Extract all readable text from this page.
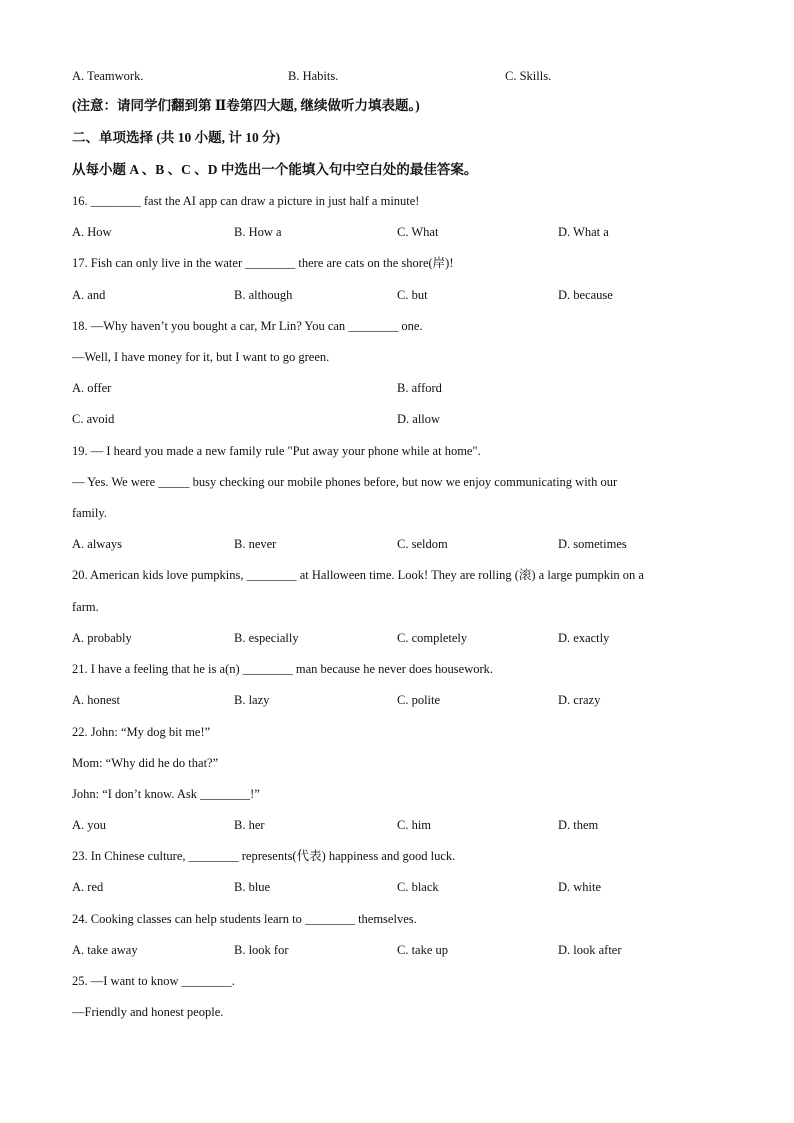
A. Teamwork.	B. Habits.	C. Skills.
(注意：请同学们翻到第 Ⅱ卷第四大题, 继续做听力填表题。)
二、单项选择 (共 10 小题, 计 10 分)
从每小题 A 、B 、C 、D 中选出一个能填入句中空白处的最佳答案。
16. ________ fast the AI app can draw a picture in just half a minute!
A. How	B. How a	C. What	D. What a
17. Fish can only live in the water ________ there are cats on the shore(岸)!
A. and	B. although	C. but	D. because
18. —Why haven’t you bought a car, Mr Lin? You can ________ one.
—Well, I have money for it, but I want to go green.
A. offer	B. afford
C. avoid	D. allow
19. — I heard you made a new family rule "Put away your phone while at home".
— Yes. We were _____ busy checking our mobile phones before, but now we enjoy communicating with our
family.
A. always	B. never	C. seldom	D. sometimes
20. American kids love pumpkins, ________ at Halloween time. Look! They are rolling (滚) a large pumpkin on a
farm.
A. probably	B. especially	C. completely	D. exactly
21. I have a feeling that he is a(n) ________ man because he never does housework.
A. honest	B. lazy	C. polite	D. crazy
22. John: “My dog bit me!”
Mom: “Why did he do that?”
John: “I don’t know. Ask ________!”
A. you	B. her	C. him	D. them
23. In Chinese culture, ________ represents(代表) happiness and good luck.
A. red	B. blue	C. black	D. white
24. Cooking classes can help students learn to ________ themselves.
A. take away	B. look for	C. take up	D. look after
25. —I want to know ________.
—Friendly and honest people.
